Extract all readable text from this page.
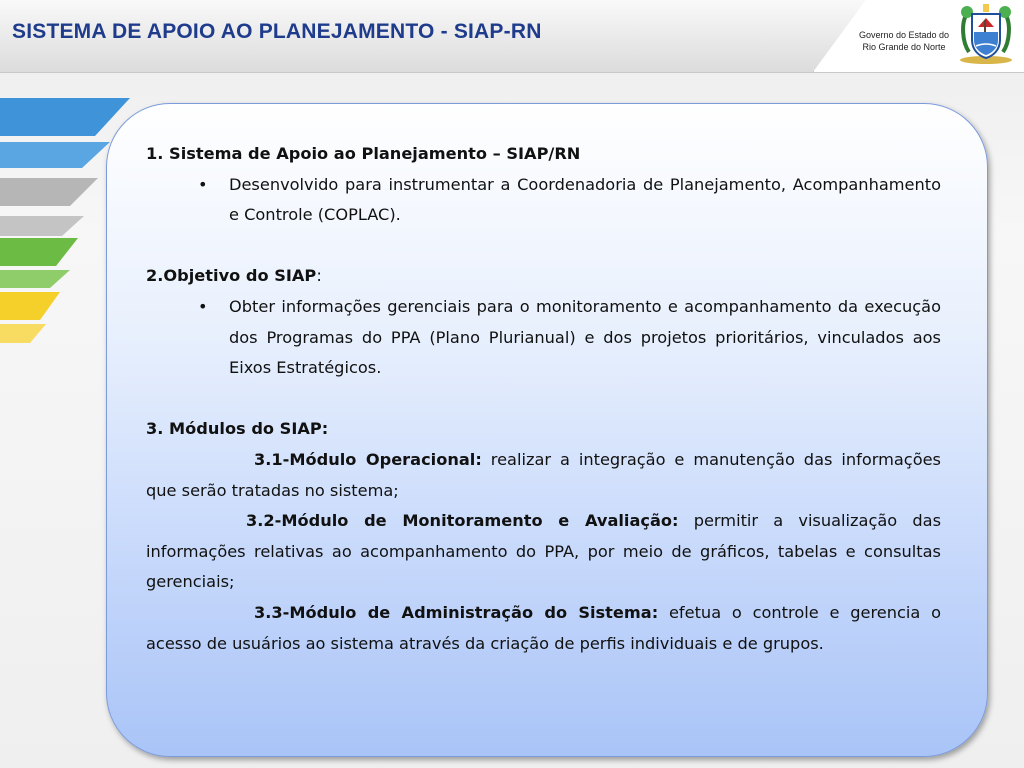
SISTEMA DE APOIO AO PLANEJAMENTO - SIAP-RN	Governo do Estado do
Rio Grande do Norte

1. Sistema de Apoio ao Planejamento – SIAP/RN

• Desenvolvido para instrumentar a Coordenadoria de Planejamento, Acompanhamento e Controle (COPLAC).

2.Objetivo do SIAP:

• Obter informações gerenciais para o monitoramento e acompanhamento da execução dos Programas do PPA (Plano Plurianual) e dos projetos prioritários, vinculados aos Eixos Estratégicos.

3. Módulos do SIAP:

3.1-Módulo Operacional: realizar a integração e manutenção das informações que serão tratadas no sistema;

3.2-Módulo de Monitoramento e Avaliação: permitir a visualização das informações relativas ao acompanhamento do PPA, por meio de gráficos, tabelas e consultas gerenciais;

3.3-Módulo de Administração do Sistema: efetua o controle e gerencia o acesso de usuários ao sistema através da criação de perfis individuais e de grupos.
